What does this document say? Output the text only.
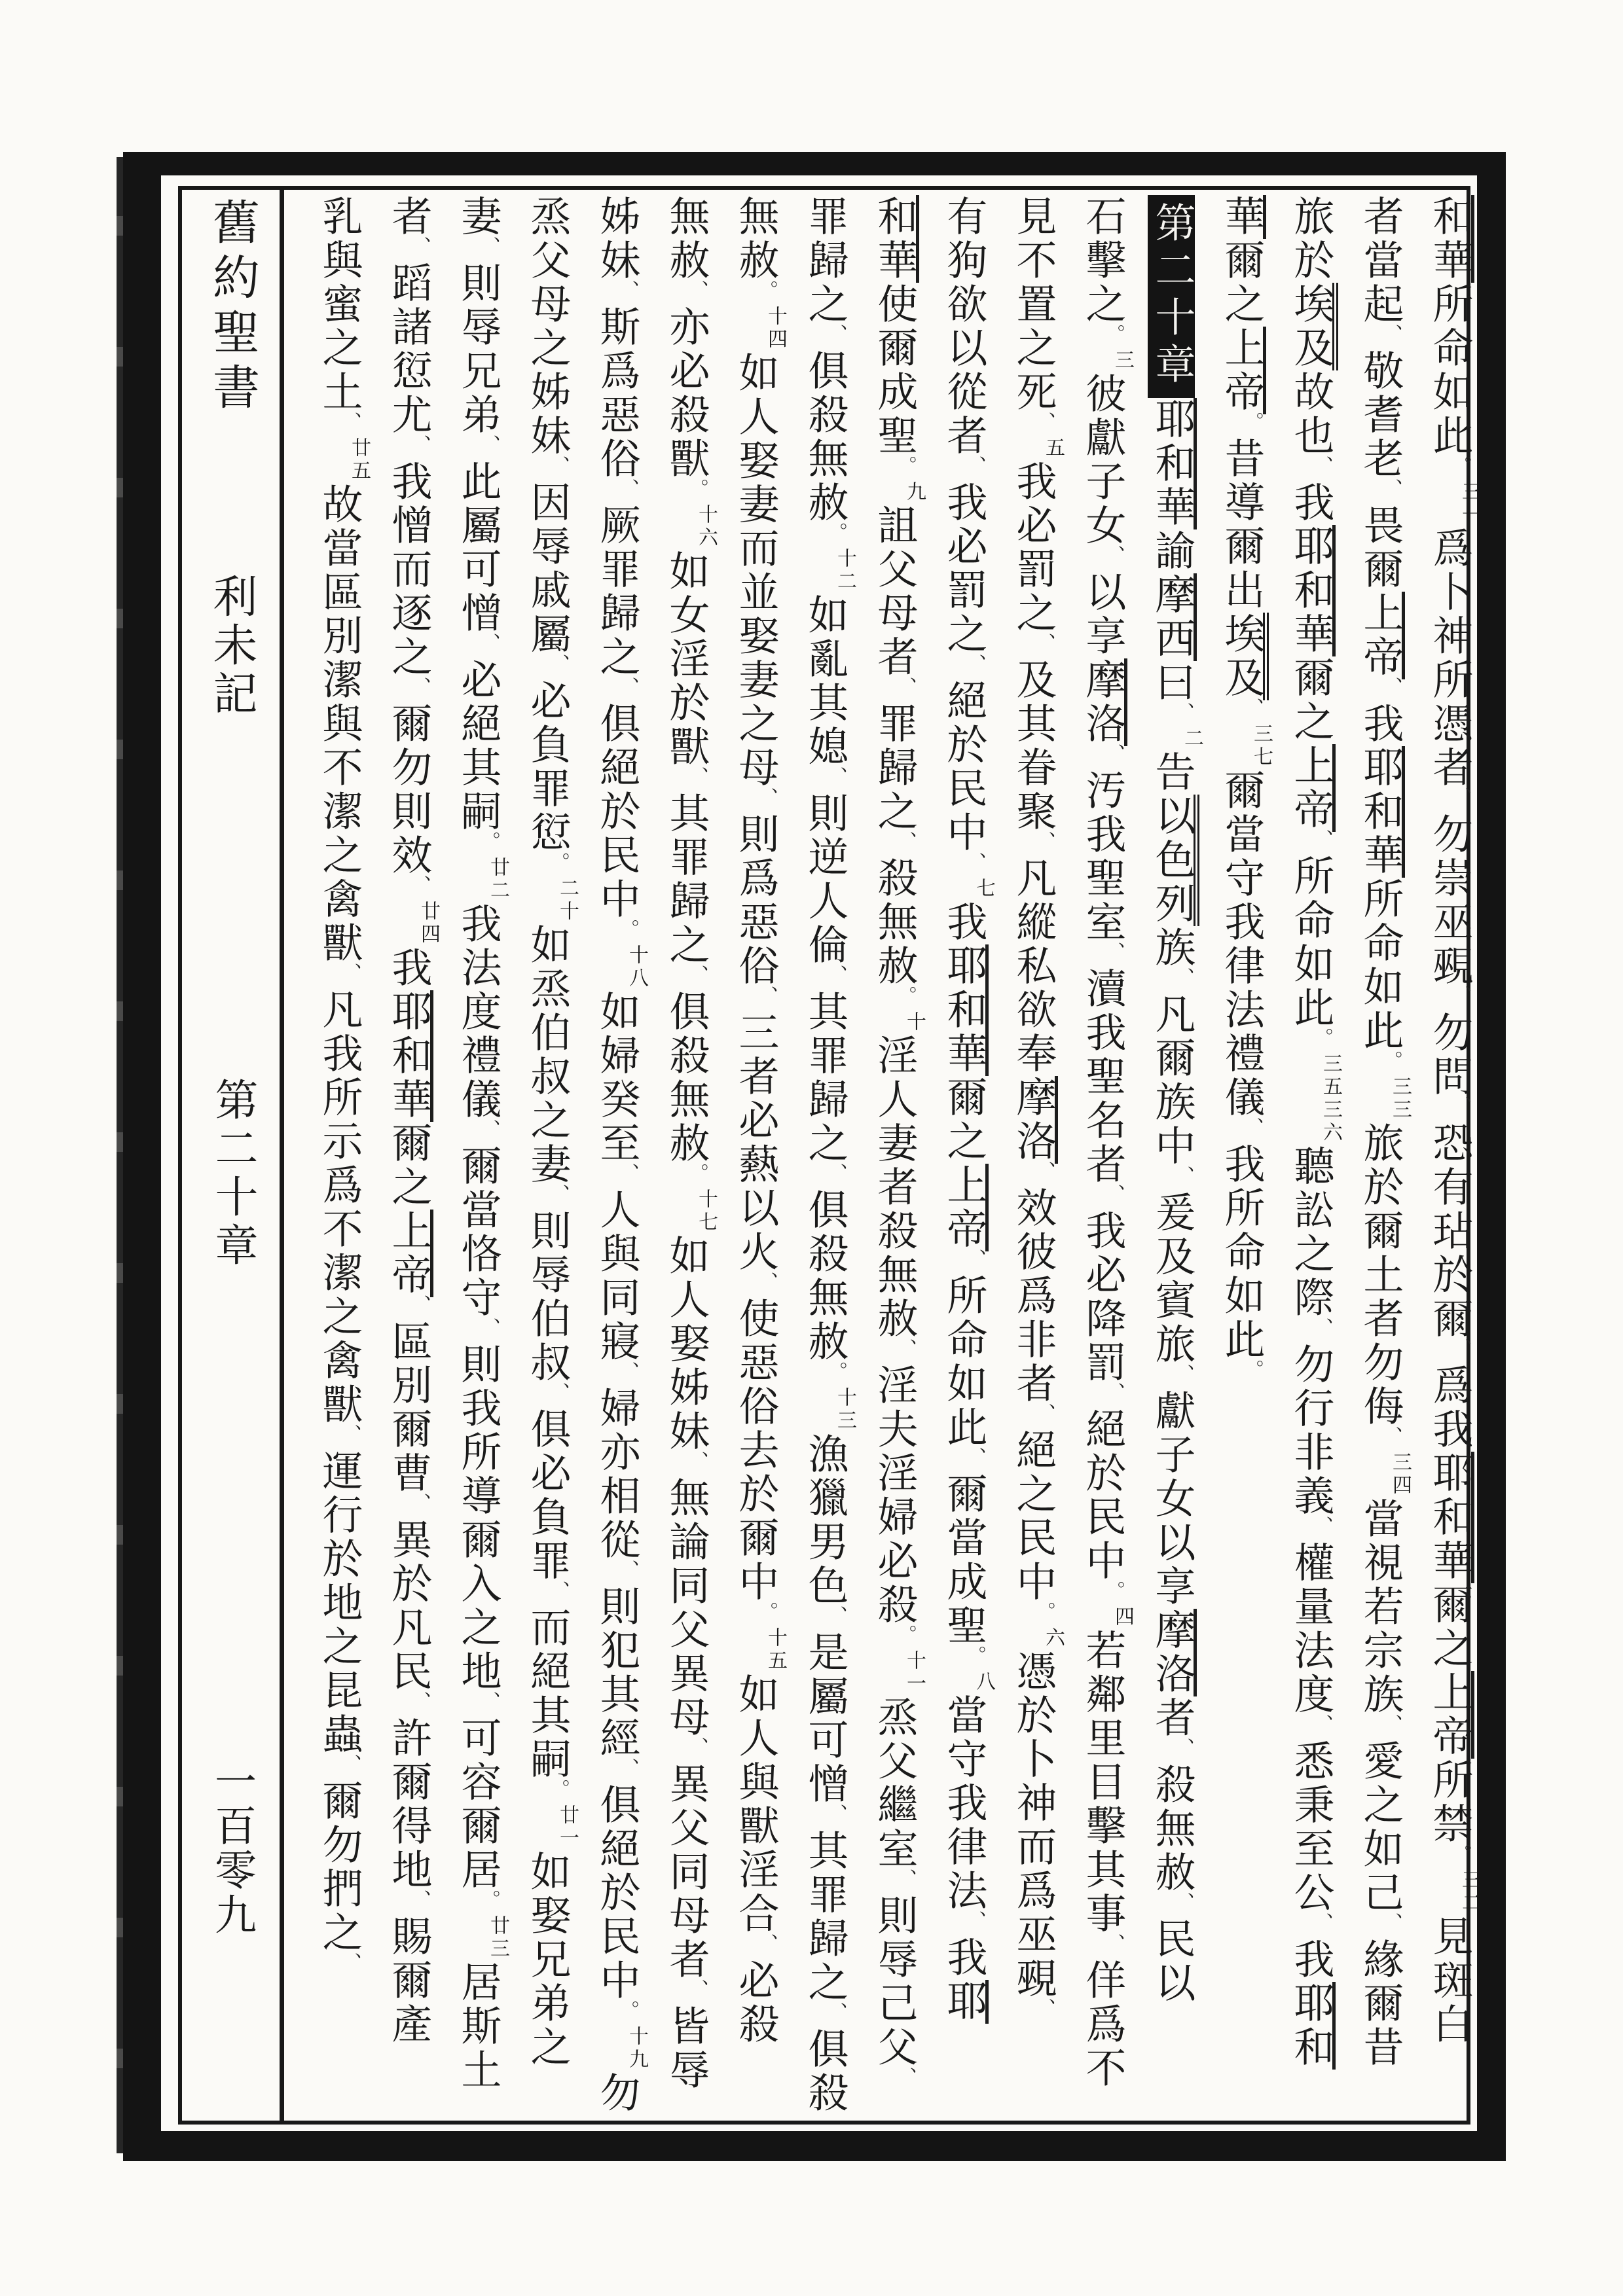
舊約聖書
利未記
第二十章
一百零九
和華所命如此。三一爲卜神所憑者、勿崇巫覡、勿問、恐有玷於爾、爲我耶和華爾之上帝所禁。三二見斑白
者當起、敬耆老、畏爾上帝、我耶和華所命如此。三三旅於爾土者勿侮、三四當視若宗族、愛之如己、緣爾昔
旅於埃及故也、我耶和華爾之上帝、所命如此。三五三六聽訟之際、勿行非義、權量法度、悉秉至公、我耶和
華爾之上帝。昔導爾出埃及、三七爾當守我律法禮儀、我所命如此。
第二十章耶和華諭摩西曰、二告以色列族、凡爾族中、爰及賓旅、獻子女以享摩洛者、殺無赦、民以
石擊之。三彼獻子女、以享摩洛、汚我聖室、瀆我聖名者、我必降罰、絕於民中。四若鄰里目擊其事、佯爲不
見不置之死、五我必罰之、及其眷聚、凡縱私欲奉摩洛、效彼爲非者、絕之民中。六憑於卜神而爲巫覡、
有狗欲以從者、我必罰之、絕於民中、七我耶和華爾之上帝、所命如此、爾當成聖。八當守我律法、我耶
和華使爾成聖。九詛父母者、罪歸之、殺無赦。十淫人妻者殺無赦、淫夫淫婦必殺。十一烝父繼室、則辱己父、
罪歸之、俱殺無赦。十二如亂其媳、則逆人倫、其罪歸之、俱殺無赦。十三漁獵男色、是屬可憎、其罪歸之、俱殺
無赦。十四如人娶妻而並娶妻之母、則爲惡俗、三者必爇以火、使惡俗去於爾中。十五如人與獸淫合、必殺
無赦、亦必殺獸。十六如女淫於獸、其罪歸之、俱殺無赦。十七如人娶姊妹、無論同父異母、異父同母者、皆辱
姊妹、斯爲惡俗、厥罪歸之、俱絕於民中。十八如婦癸至、人與同寢、婦亦相從、則犯其經、俱絕於民中。十九勿
烝父母之姊妹、因辱戚屬、必負罪愆。二十如烝伯叔之妻、則辱伯叔、俱必負罪、而絕其嗣。廿一如娶兄弟之
妻、則辱兄弟、此屬可憎、必絕其嗣。廿二我法度禮儀、爾當恪守、則我所導爾入之地、可容爾居。廿三居斯土
者、蹈諸愆尤、我憎而逐之、爾勿則效、廿四我耶和華爾之上帝、區別爾曹、異於凡民、許爾得地、賜爾產
乳與蜜之土、廿五故當區別潔與不潔之禽獸、凡我所示爲不潔之禽獸、運行於地之昆蟲、爾勿捫之、
